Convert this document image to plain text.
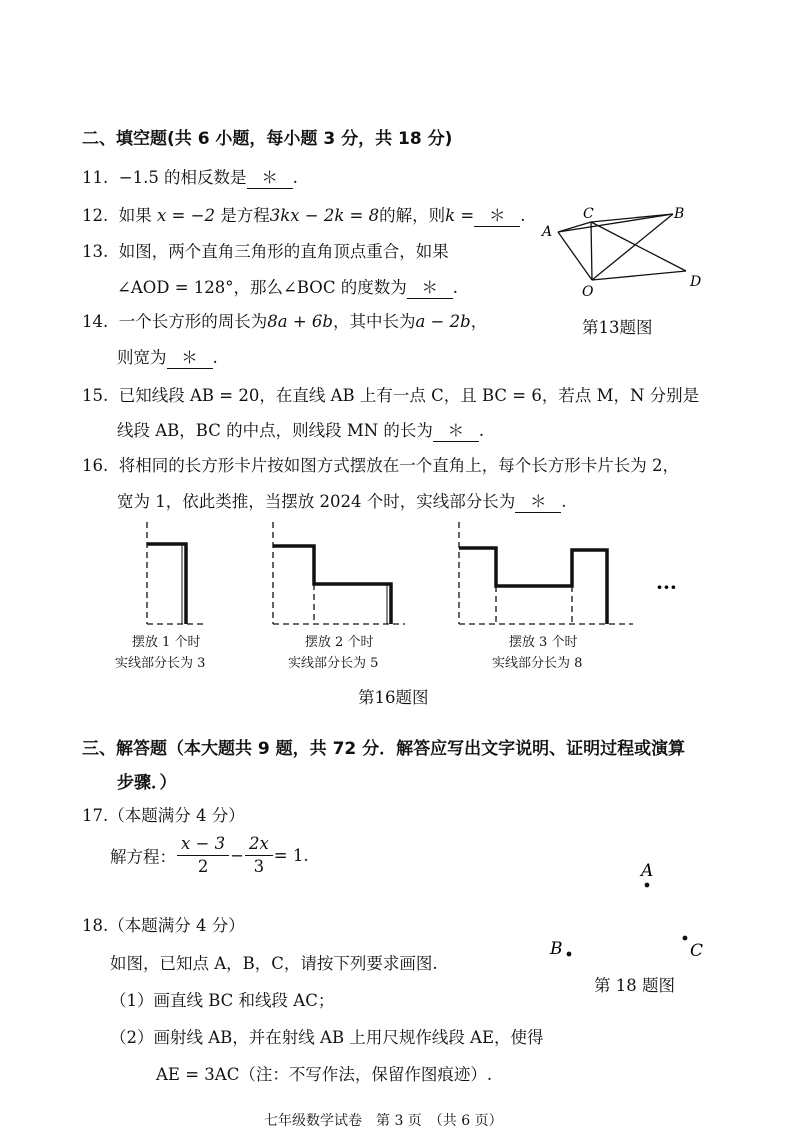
二、填空题(共 6 小题，每小题 3 分，共 18 分)
11. −1.5 的相反数是 ＊ .
12. 如果 x = −2 是方程3kx − 2k = 8的解，则k = ＊ .
13. 如图，两个直角三角形的直角顶点重合，如果
∠AOD = 128°，那么∠BOC 的度数为 ＊ .
14. 一个长方形的周长为8a + 6b，其中长为a − 2b，
则宽为 ＊ .
15. 已知线段 AB = 20，在直线 AB 上有一点 C，且 BC = 6，若点 M，N 分别是
线段 AB，BC 的中点，则线段 MN 的长为 ＊ .
16. 将相同的长方形卡片按如图方式摆放在一个直角上，每个长方形卡片长为 2，
宽为 1，依此类推，当摆放 2024 个时，实线部分长为 ＊ .
A
C	B
D
O
第13题图
···
摆放 1 个时
实线部分长为 3
摆放 2 个时
实线部分长为 5
摆放 3 个时
实线部分长为 8
第16题图
三、解答题（本大题共 9 题，共 72 分．解答应写出文字说明、证明过程或演算
步骤．）
17.（本题满分 4 分）
解方程： $\frac{x - 3}{2} - \frac{2x}{3} = 1$.
18.（本题满分 4 分）
如图，已知点 A，B，C，请按下列要求画图.
（1）画直线 BC 和线段 AC；
（2）画射线 AB，并在射线 AB 上用尺规作线段 AE，使得
AE = 3AC（注：不写作法，保留作图痕迹）.
A
B	C
第 18 题图
七年级数学试卷　第 3 页　（共 6 页）
